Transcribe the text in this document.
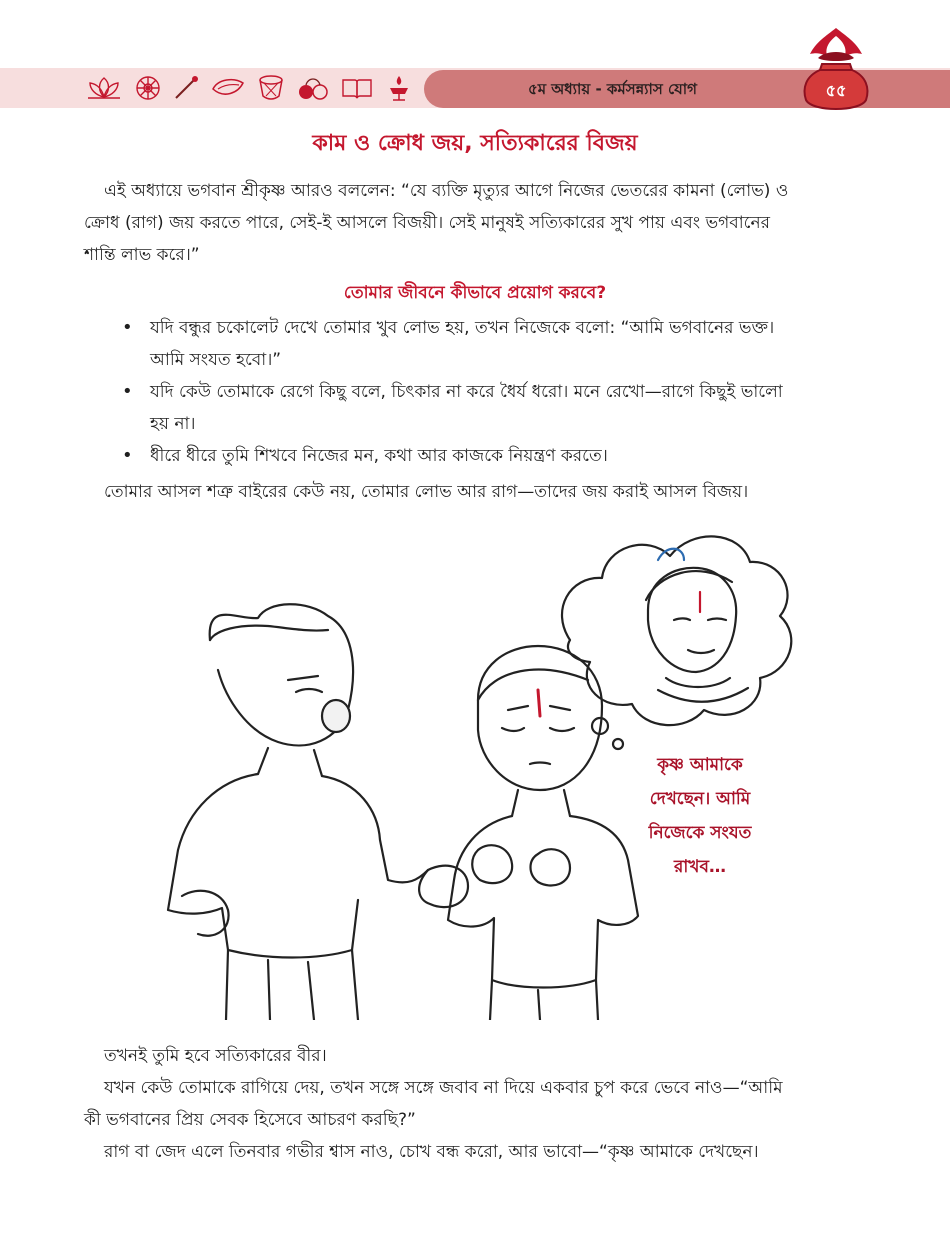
৫ম অধ্যায় - কর্মসন্ন্যাস যোগ	৫৫
কাম ও ক্রোধ জয়, সত্যিকারের বিজয়
এই অধ্যায়ে ভগবান শ্রীকৃষ্ণ আরও বললেন: “যে ব্যক্তি মৃত্যুর আগে নিজের ভেতরের কামনা (লোভ) ও
ক্রোধ (রাগ) জয় করতে পারে, সেই-ই আসলে বিজয়ী। সেই মানুষই সত্যিকারের সুখ পায় এবং ভগবানের
শান্তি লাভ করে।”
তোমার জীবনে কীভাবে প্রয়োগ করবে?
• যদি বন্ধুর চকোলেট দেখে তোমার খুব লোভ হয়, তখন নিজেকে বলো: “আমি ভগবানের ভক্ত।
আমি সংযত হবো।”
• যদি কেউ তোমাকে রেগে কিছু বলে, চিৎকার না করে ধৈর্য ধরো। মনে রেখো—রাগে কিছুই ভালো
হয় না।
• ধীরে ধীরে তুমি শিখবে নিজের মন, কথা আর কাজকে নিয়ন্ত্রণ করতে।
তোমার আসল শত্রু বাইরের কেউ নয়, তোমার লোভ আর রাগ—তাদের জয় করাই আসল বিজয়।
কৃষ্ণ আমাকে
দেখছেন। আমি
নিজেকে সংযত
রাখব…
তখনই তুমি হবে সত্যিকারের বীর।
যখন কেউ তোমাকে রাগিয়ে দেয়, তখন সঙ্গে সঙ্গে জবাব না দিয়ে একবার চুপ করে ভেবে নাও—“আমি
কী ভগবানের প্রিয় সেবক হিসেবে আচরণ করছি?”
রাগ বা জেদ এলে তিনবার গভীর শ্বাস নাও, চোখ বন্ধ করো, আর ভাবো—“কৃষ্ণ আমাকে দেখছেন।
